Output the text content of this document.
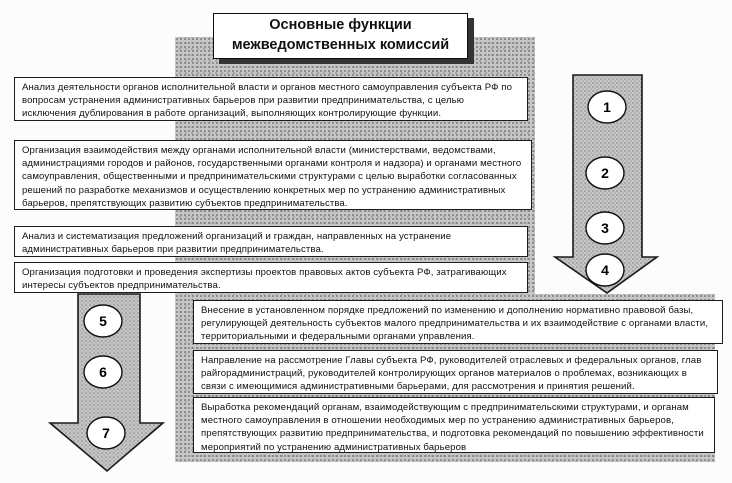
1
2
3
4
5
6
7
Основные функции межведомственных комиссий
Анализ деятельности органов исполнительной власти и органов местного самоуправления субъекта РФ по вопросам устранения административных барьеров при развитии предпринимательства, с целью исключения дублирования в работе организаций, выполняющих контролирующие функции.
Организация взаимодействия между органами исполнительной власти (министерствами, ведомствами, администрациями городов и районов, государственными органами контроля и надзора) и органами местного самоуправления, общественными и предпринимательскими структурами с целью выработки согласованных решений по разработке механизмов и осуществлению конкретных мер по устранению административных барьеров, препятствующих развитию субъектов предпринимательства.
Анализ и систематизация предложений организаций и граждан, направленных на устранение административных барьеров при развитии предпринимательства.
Организация подготовки и проведения экспертизы проектов правовых актов субъекта РФ, затрагивающих интересы субъектов предпринимательства.
Внесение в установленном порядке предложений по изменению и дополнению нормативно правовой базы, регулирующей деятельность субъектов малого предпринимательства и их взаимодействие с органами власти, территориальными и федеральными органами управления.
Направление на рассмотрение Главы субъекта РФ, руководителей отраслевых и федеральных органов, глав райгорадминистраций, руководителей контролирующих органов материалов о проблемах, возникающих в связи с имеющимися административными барьерами, для рассмотрения и принятия решений.
Выработка рекомендаций органам, взаимодействующим с предпринимательскими структурами, и органам местного самоуправления в отношении необходимых мер по устранению административных барьеров, препятствующих развитию предпринимательства, и подготовка рекомендаций по повышению эффективности мероприятий по устранению административных барьеров
